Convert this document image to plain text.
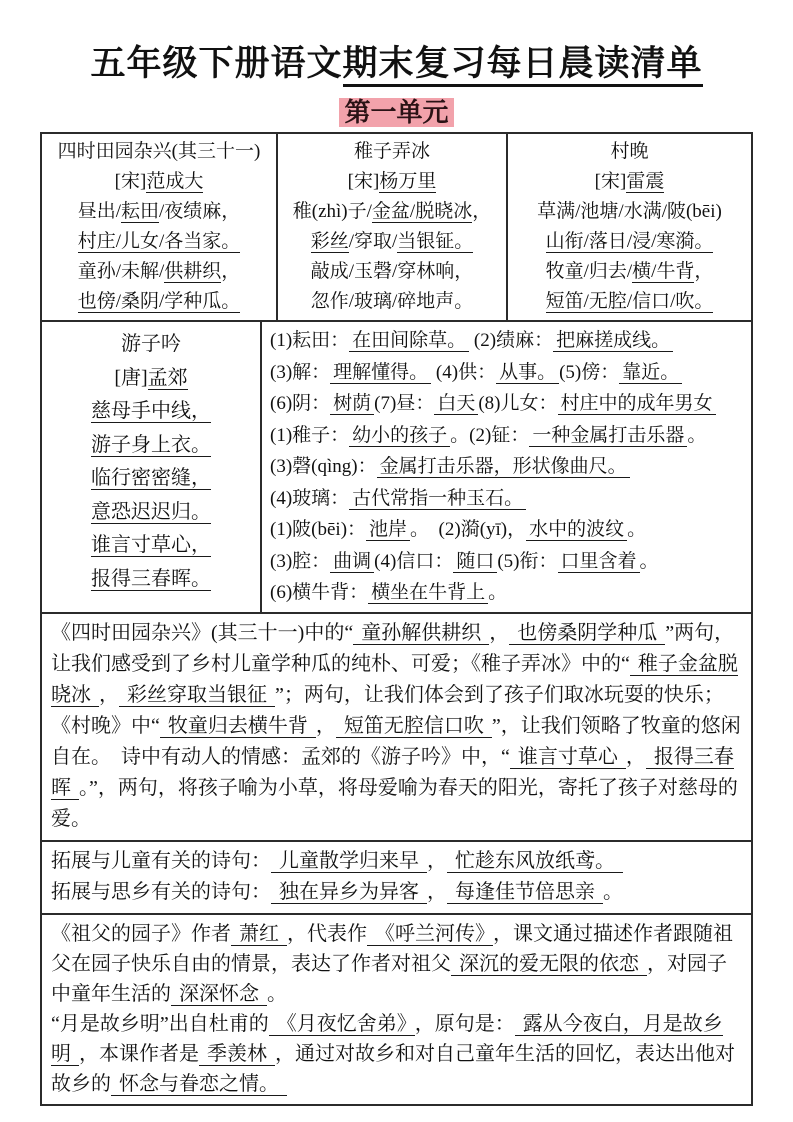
五年级下册语文期末复习每日晨读清单
第一单元
四时田园杂兴(其三十一)
[宋]范成大
昼出/耘田/夜绩麻，
村庄/儿女/各当家。
童孙/未解/供耕织，
也傍/桑阴/学种瓜。
稚子弄冰
[宋]杨万里
稚(zhì)子/金盆/脱晓冰，
彩丝/穿取/当银钲。
敲成/玉磬/穿林响，
忽作/玻璃/碎地声。
村晚
[宋]雷震
草满/池塘/水满/陂(bēi)
山衔/落日/浸/寒漪。
牧童/归去/横/牛背，
短笛/无腔/信口/吹。
游子吟
[唐]孟郊
慈母手中线，
游子身上衣。
临行密密缝，
意恐迟迟归。
谁言寸草心，
报得三春晖。
(1)耘田： 在田间除草。 (2)绩麻： 把麻搓成线。
(3)解： 理解懂得。 (4)供： 从事。 (5)傍： 靠近。
(6)阴： 树荫 (7)昼： 白天 (8)儿女： 村庄中的成年男女
(1)稚子： 幼小的孩子 。(2)钲： 一种金属打击乐器 。
(3)磬(qìng)： 金属打击乐器，形状像曲尺。
(4)玻璃： 古代常指一种玉石。
(1)陂(bēi)： 池岸 。　(2)漪(yī)， 水中的波纹 。
(3)腔： 曲调 (4)信口： 随口 (5)衔： 口里含着 。
(6)横牛背： 横坐在牛背上 。
《四时田园杂兴》(其三十一)中的“ 童孙解供耕织 ， 也傍桑阴学种瓜 ”两句，让我们感受到了乡村儿童学种瓜的纯朴、可爱；《稚子弄冰》中的“ 稚子金盆脱晓冰 ， 彩丝穿取当银征 ”；两句，让我们体会到了孩子们取冰玩耍的快乐；《村晚》中“ 牧童归去横牛背 ， 短笛无腔信口吹 ”，让我们领略了牧童的悠闲自在。　诗中有动人的情感：孟郊的《游子吟》中，“ 谁言寸草心 ， 报得三春晖 。”，两句，将孩子喻为小草，将母爱喻为春天的阳光，寄托了孩子对慈母的爱。
拓展与儿童有关的诗句： 儿童散学归来早 ， 忙趁东风放纸鸢。
拓展与思乡有关的诗句： 独在异乡为异客 ， 每逢佳节倍思亲 。
《祖父的园子》作者 萧红 ，代表作 《呼兰河传》 ，课文通过描述作者跟随祖父在园子快乐自由的情景，表达了作者对祖父 深沉的爱无限的依恋 ，对园子中童年生活的 深深怀念 。
“月是故乡明”出自杜甫的 《月夜忆舍弟》 ，原句是： 露从今夜白，月是故乡明 ，本课作者是 季羡林 ，通过对故乡和对自己童年生活的回忆，表达出他对故乡的 怀念与眷恋之情。
